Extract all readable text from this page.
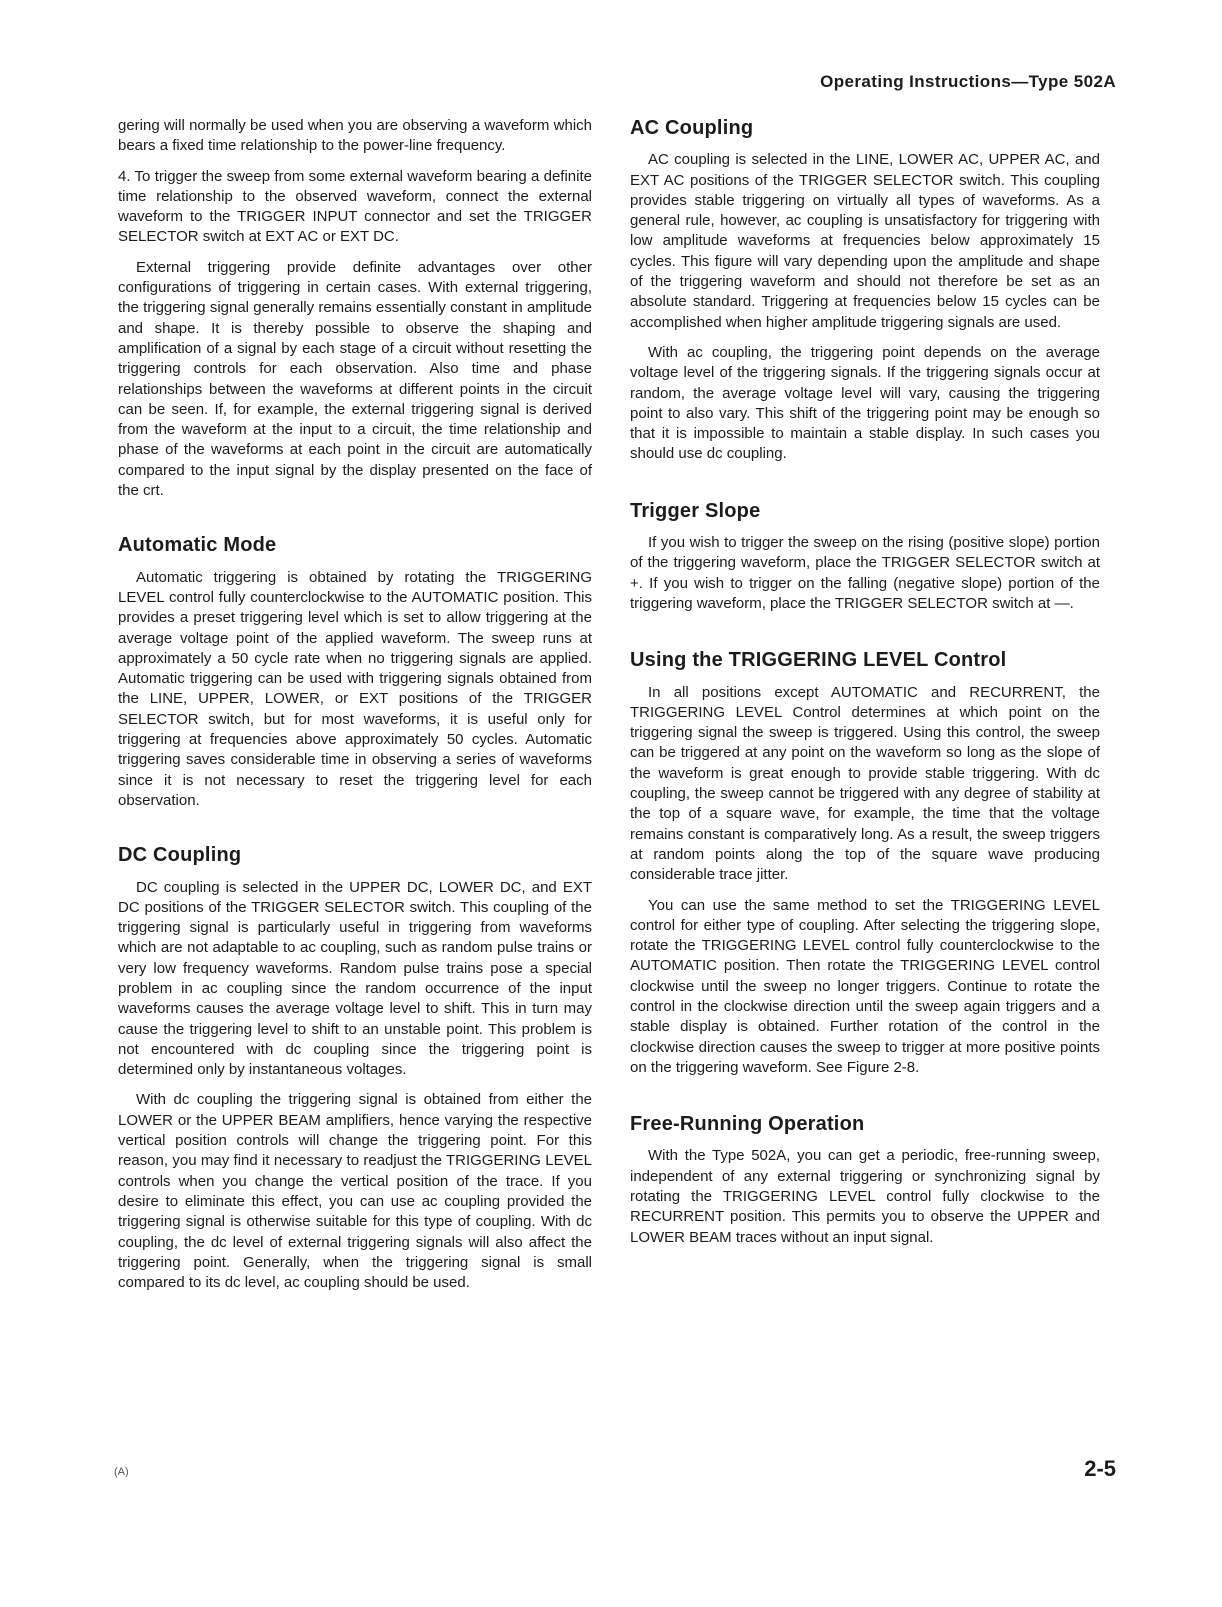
Operating Instructions—Type 502A

gering will normally be used when you are observing a waveform which bears a fixed time relationship to the power-line frequency.

4. To trigger the sweep from some external waveform bearing a definite time relationship to the observed waveform, connect the external waveform to the TRIGGER INPUT connector and set the TRIGGER SELECTOR switch at EXT AC or EXT DC.

External triggering provide definite advantages over other configurations of triggering in certain cases. With external triggering, the triggering signal generally remains essentially constant in amplitude and shape. It is thereby possible to observe the shaping and amplification of a signal by each stage of a circuit without resetting the triggering controls for each observation. Also time and phase relationships between the waveforms at different points in the circuit can be seen. If, for example, the external triggering signal is derived from the waveform at the input to a circuit, the time relationship and phase of the waveforms at each point in the circuit are automatically compared to the input signal by the display presented on the face of the crt.

Automatic Mode

Automatic triggering is obtained by rotating the TRIGGERING LEVEL control fully counterclockwise to the AUTOMATIC position. This provides a preset triggering level which is set to allow triggering at the average voltage point of the applied waveform. The sweep runs at approximately a 50 cycle rate when no triggering signals are applied. Automatic triggering can be used with triggering signals obtained from the LINE, UPPER, LOWER, or EXT positions of the TRIGGER SELECTOR switch, but for most waveforms, it is useful only for triggering at frequencies above approximately 50 cycles. Automatic triggering saves considerable time in observing a series of waveforms since it is not necessary to reset the triggering level for each observation.

DC Coupling

DC coupling is selected in the UPPER DC, LOWER DC, and EXT DC positions of the TRIGGER SELECTOR switch. This coupling of the triggering signal is particularly useful in triggering from waveforms which are not adaptable to ac coupling, such as random pulse trains or very low frequency waveforms. Random pulse trains pose a special problem in ac coupling since the random occurrence of the input waveforms causes the average voltage level to shift. This in turn may cause the triggering level to shift to an unstable point. This problem is not encountered with dc coupling since the triggering point is determined only by instantaneous voltages.

With dc coupling the triggering signal is obtained from either the LOWER or the UPPER BEAM amplifiers, hence varying the respective vertical position controls will change the triggering point. For this reason, you may find it necessary to readjust the TRIGGERING LEVEL controls when you change the vertical position of the trace. If you desire to eliminate this effect, you can use ac coupling provided the triggering signal is otherwise suitable for this type of coupling. With dc coupling, the dc level of external triggering signals will also affect the triggering point. Generally, when the triggering signal is small compared to its dc level, ac coupling should be used.

AC Coupling

AC coupling is selected in the LINE, LOWER AC, UPPER AC, and EXT AC positions of the TRIGGER SELECTOR switch. This coupling provides stable triggering on virtually all types of waveforms. As a general rule, however, ac coupling is unsatisfactory for triggering with low amplitude waveforms at frequencies below approximately 15 cycles. This figure will vary depending upon the amplitude and shape of the triggering waveform and should not therefore be set as an absolute standard. Triggering at frequencies below 15 cycles can be accomplished when higher amplitude triggering signals are used.

With ac coupling, the triggering point depends on the average voltage level of the triggering signals. If the triggering signals occur at random, the average voltage level will vary, causing the triggering point to also vary. This shift of the triggering point may be enough so that it is impossible to maintain a stable display. In such cases you should use dc coupling.

Trigger Slope

If you wish to trigger the sweep on the rising (positive slope) portion of the triggering waveform, place the TRIGGER SELECTOR switch at +. If you wish to trigger on the falling (negative slope) portion of the triggering waveform, place the TRIGGER SELECTOR switch at —.

Using the TRIGGERING LEVEL Control

In all positions except AUTOMATIC and RECURRENT, the TRIGGERING LEVEL Control determines at which point on the triggering signal the sweep is triggered. Using this control, the sweep can be triggered at any point on the waveform so long as the slope of the waveform is great enough to provide stable triggering. With dc coupling, the sweep cannot be triggered with any degree of stability at the top of a square wave, for example, the time that the voltage remains constant is comparatively long. As a result, the sweep triggers at random points along the top of the square wave producing considerable trace jitter.

You can use the same method to set the TRIGGERING LEVEL control for either type of coupling. After selecting the triggering slope, rotate the TRIGGERING LEVEL control fully counterclockwise to the AUTOMATIC position. Then rotate the TRIGGERING LEVEL control clockwise until the sweep no longer triggers. Continue to rotate the control in the clockwise direction until the sweep again triggers and a stable display is obtained. Further rotation of the control in the clockwise direction causes the sweep to trigger at more positive points on the triggering waveform. See Figure 2-8.

Free-Running Operation

With the Type 502A, you can get a periodic, free-running sweep, independent of any external triggering or synchronizing signal by rotating the TRIGGERING LEVEL control fully clockwise to the RECURRENT position. This permits you to observe the UPPER and LOWER BEAM traces without an input signal.

(A)	2-5
